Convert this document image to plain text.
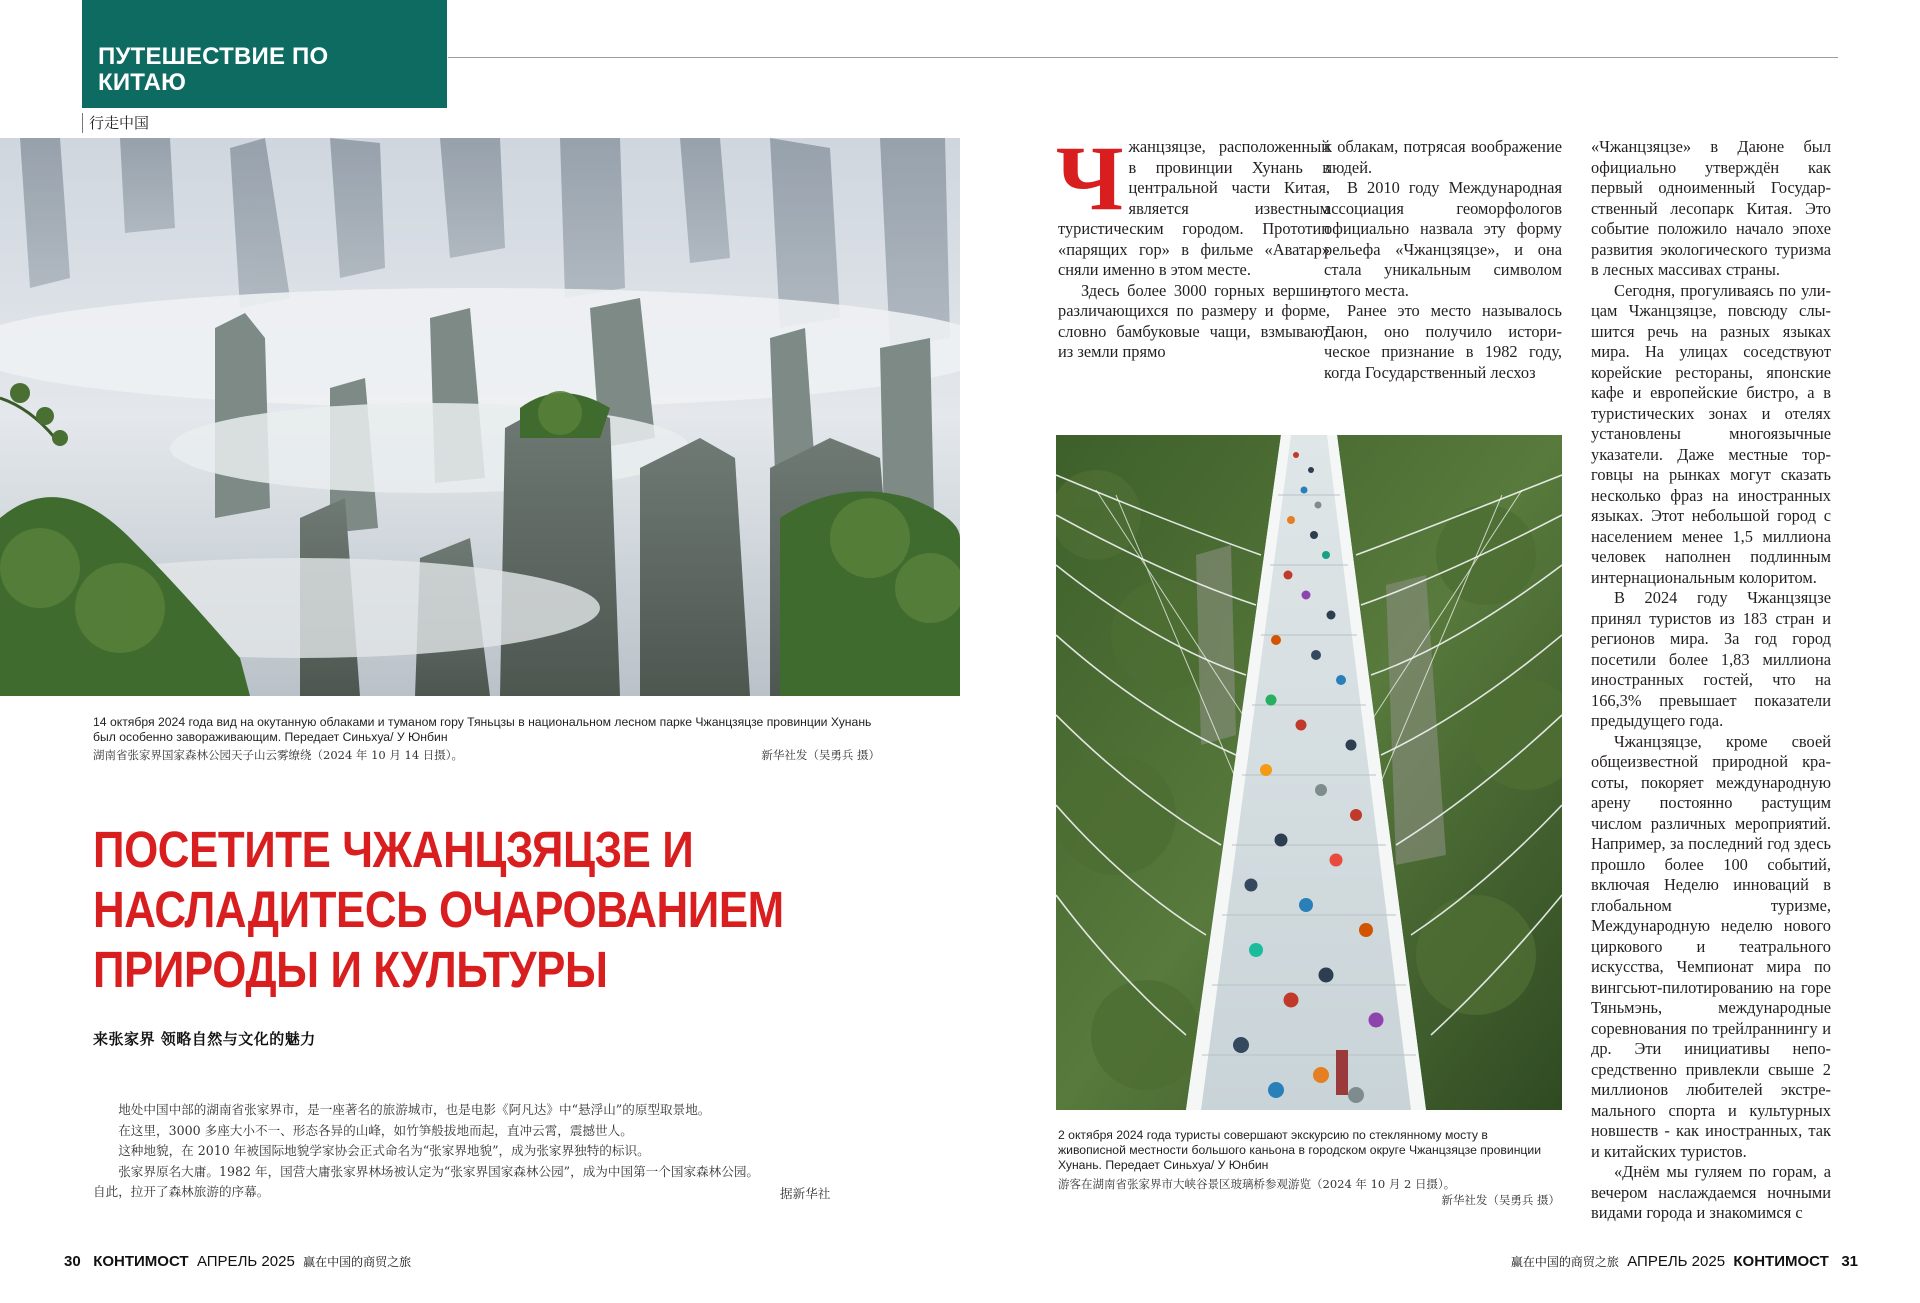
ПУТЕШЕСТВИЕ ПО
КИТАЮ
行走中国
14 октября 2024 года вид на окутанную облаками и туманом гору Тяньцзы в национальном лесном парке Чжанцзяцзе провинции Хунань был особенно завораживающим. Передает Синьхуа/ У Юнбин
湖南省张家界国家森林公园天子山云雾缭绕（2024 年 10 月 14 日摄）。	新华社发（吴勇兵 摄）
ПОСЕТИТЕ ЧЖАНЦЗЯЦЗЕ И
НАСЛАДИТЕСЬ ОЧАРОВАНИЕМ
ПРИРОДЫ И КУЛЬТУРЫ
来张家界 领略自然与文化的魅力

地处中国中部的湖南省张家界市，是一座著名的旅游城市，也是电影《阿凡达》中“悬浮山”的原型取景地。

在这里，3000 多座大小不一、形态各异的山峰，如竹笋般拔地而起，直冲云霄，震撼世人。

这种地貌，在 2010 年被国际地貌学家协会正式命名为“张家界地貌”，成为张家界独特的标识。

张家界原名大庸。1982 年，国营大庸张家界林场被认定为“张家界国家森林公园”，成为中国第一个国家森林公园。

自此，拉开了森林旅游的序幕。	据新华社
Ч жанцзяцзе, расположенный в провинции Хунань в центральной части Китая, является известным туристическим городом. Прототип «парящих гор» в фильме «Аватар» сняли именно в этом месте.

Здесь более 3000 горных вершин, различающихся по размеру и форме, словно бамбуковые чащи, взмывают из земли прямо

к облакам, потрясая воображение людей.

В 2010 году Международная ассоциация геоморфологов официально назвала эту форму рельефа «Чжанцзяцзе», и она стала уникальным символом этого места.

Ранее это место называлось Даюн, оно получило историческое признание в 1982 году, когда Государственный лесхоз

«Чжанцзяцзе» в Даюне был официально утверждён как первый одноименный Государственный лесопарк Китая. Это событие положило начало эпохе развития экологического туризма в лесных массивах страны.

Сегодня, прогуливаясь по улицам Чжанцзяцзе, повсюду слышится речь на разных языках мира. На улицах соседствуют корейские рестораны, японские кафе и европейские бистро, а в туристических зонах и отелях установлены многоязычные указатели. Даже местные торговцы на рынках могут сказать несколько фраз на иностранных языках. Этот небольшой город с населением менее 1,5 миллиона человек наполнен подлинным интернациональным колоритом.

В 2024 году Чжанцзяцзе принял туристов из 183 стран и регионов мира. За год город посетили более 1,83 миллиона иностранных гостей, что на 166,3% превышает показатели предыдущего года.

Чжанцзяцзе, кроме своей общеизвестной природной красоты, покоряет международную арену постоянно растущим числом различных мероприятий. Например, за последний год здесь прошло более 100 событий, включая Неделю инноваций в глобальном туризме, Международную неделю нового циркового и театрального искусства, Чемпионат мира по вингсьют-пилотированию на горе Тяньмэнь, международные соревнования по трейлраннингу и др. Эти инициативы непосредственно привлекли свыше 2 миллионов любителей экстремального спорта и культурных новшеств - как иностранных, так и китайских туристов.

«Днём мы гуляем по горам, а вечером наслаждаемся ночными видами города и знакомимся с

2 октября 2024 года туристы совершают экскурсию по стеклянному мосту в живописной местности большого каньона в городском округе Чжанцзяцзе провинции Хунань. Передает Синьхуа/ У Юнбин
游客在湖南省张家界市大峡谷景区玻璃桥参观游览（2024 年 10 月 2 日摄）。
新华社发（吴勇兵 摄）
30 КОНТИМОСТ АПРЕЛЬ 2025 赢在中国的商贸之旅	赢在中国的商贸之旅 АПРЕЛЬ 2025 КОНТИМОСТ 31
